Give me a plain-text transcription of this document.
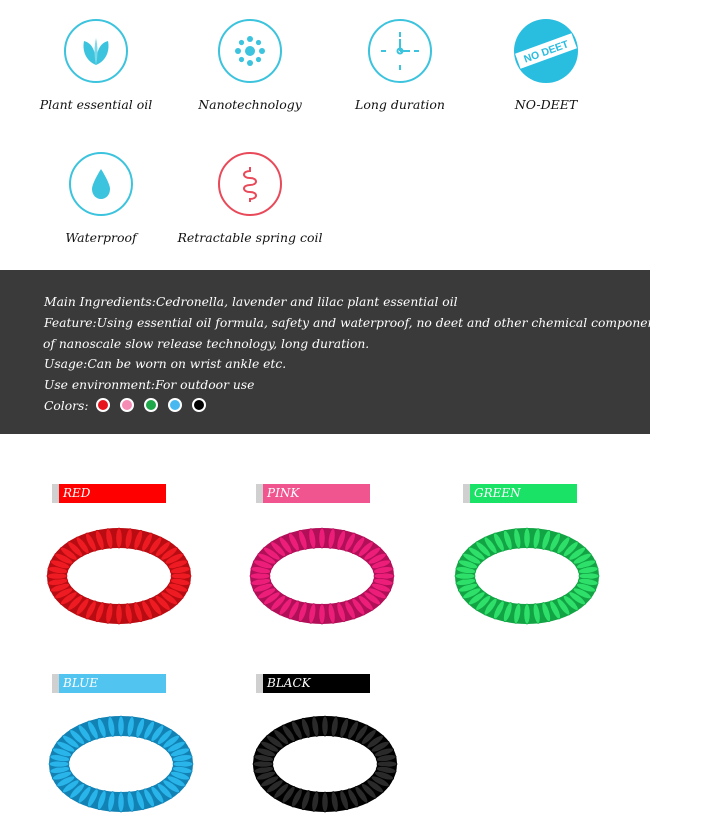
Plant essential oil	Nanotechnology	Long duration
NO DEET
NO-DEET
Waterproof	Retractable spring coil
Main Ingredients:Cedronella, lavender and lilac plant essential oil
Feature:Using essential oil formula, safety and waterproof, no deet and other chemical components, the use
of nanoscale slow release technology, long duration.
Usage:Can be worn on wrist ankle etc.
Use environment:For outdoor use
Colors:
RED	PINK	GREEN
BLUE	BLACK
